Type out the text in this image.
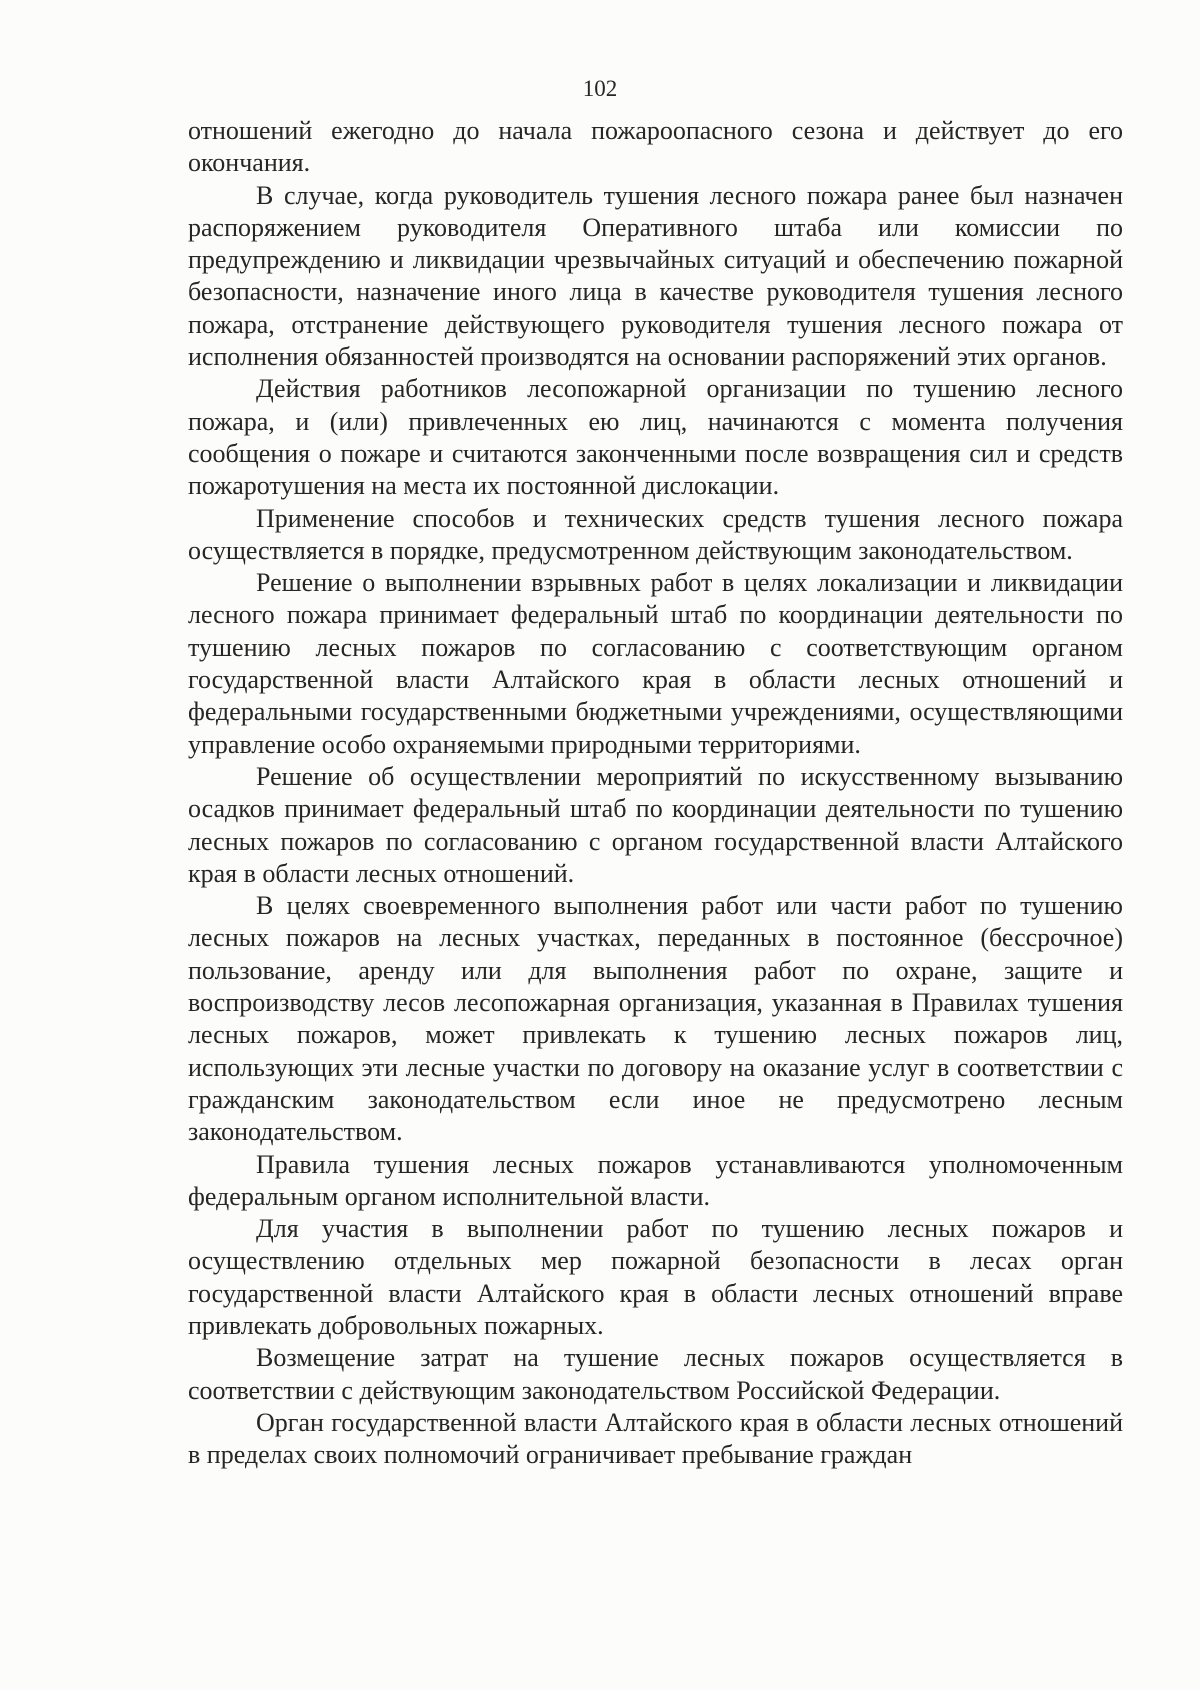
102

отношений ежегодно до начала пожароопасного сезона и действует до его окончания.

В случае, когда руководитель тушения лесного пожара ранее был назначен распоряжением руководителя Оперативного штаба или комиссии по предупреждению и ликвидации чрезвычайных ситуаций и обеспечению пожарной безопасности, назначение иного лица в качестве руководителя тушения лесного пожара, отстранение действующего руководителя тушения лесного пожара от исполнения обязанностей производятся на основании распоряжений этих органов.

Действия работников лесопожарной организации по тушению лесного пожара, и (или) привлеченных ею лиц, начинаются с момента получения сообщения о пожаре и считаются законченными после возвращения сил и средств пожаротушения на места их постоянной дислокации.

Применение способов и технических средств тушения лесного пожара осуществляется в порядке, предусмотренном действующим законодательством.

Решение о выполнении взрывных работ в целях локализации и ликвидации лесного пожара принимает федеральный штаб по координации деятельности по тушению лесных пожаров по согласованию с соответствующим органом государственной власти Алтайского края в области лесных отношений и федеральными государственными бюджетными учреждениями, осуществляющими управление особо охраняемыми природными территориями.

Решение об осуществлении мероприятий по искусственному вызыванию осадков принимает федеральный штаб по координации деятельности по тушению лесных пожаров по согласованию с органом государственной власти Алтайского края в области лесных отношений.

В целях своевременного выполнения работ или части работ по тушению лесных пожаров на лесных участках, переданных в постоянное (бессрочное) пользование, аренду или для выполнения работ по охране, защите и воспроизводству лесов лесопожарная организация, указанная в Правилах тушения лесных пожаров, может привлекать к тушению лесных пожаров лиц, использующих эти лесные участки по договору на оказание услуг в соответствии с гражданским законодательством если иное не предусмотрено лесным законодательством.

Правила тушения лесных пожаров устанавливаются уполномоченным федеральным органом исполнительной власти.

Для участия в выполнении работ по тушению лесных пожаров и осуществлению отдельных мер пожарной безопасности в лесах орган государственной власти Алтайского края в области лесных отношений вправе привлекать добровольных пожарных.

Возмещение затрат на тушение лесных пожаров осуществляется в соответствии с действующим законодательством Российской Федерации.

Орган государственной власти Алтайского края в области лесных отношений в пределах своих полномочий ограничивает пребывание граждан
